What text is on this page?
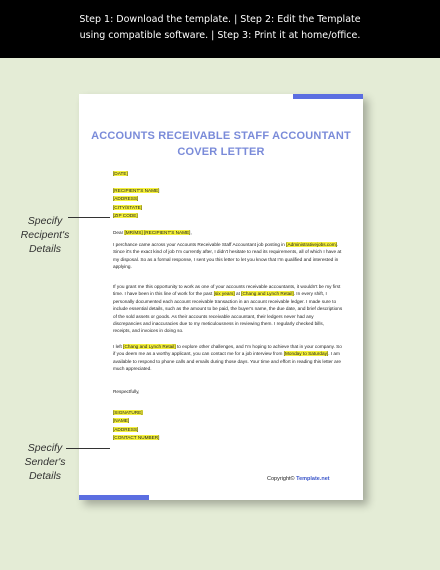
Step 1: Download the template. | Step 2: Edit the Template
using compatible software. | Step 3: Print it at home/office.
ACCOUNTS RECEIVABLE STAFF ACCOUNTANT
COVER LETTER
[DATE]
[RECIPIENT'S NAME]
[ADDRESS]
[CITY/STATE]
[ZIP CODE]
Dear [MR/MS] [RECIPIENT'S NAME],
I perchance came across your Accounts Receivable Staff Accountant job posting in [Administrativejobs.com]. Since it's the exact kind of job I'm currently after, I didn't hesitate to read its requirements, all of which I have at my disposal. So as a formal response, I sent you this letter to let you know that I'm qualified and interested in applying.
If you grant me this opportunity to work as one of your accounts receivable accountants, it wouldn't be my first time. I have been in this line of work for the past [six years] at [Chang and Lynch Retail]. In every shift, I personally documented each account receivable transaction in an account receivable ledger. I made sure to include essential details, such as the amount to be paid, the buyer's name, the due date, and brief descriptions of the sold assets or goods. As their accounts receivable accountant, their ledgers never had any discrepancies and inaccuracies due to my meticulousness in reviewing them. I regularly checked bills, receipts, and invoices in doing so.
I left [Chang and Lynch Retail] to explore other challenges, and I'm hoping to achieve that in your company. So if you deem me as a worthy applicant, you can contact me for a job interview from [Monday to Saturday]. I am available to respond to phone calls and emails during those days. Your time and effort in reading this letter are much appreciated.
Respectfully,
[SIGNATURE]
[NAME]
[ADDRESS]
[CONTACT NUMBER]
Copyright© Template.net
Specify
Recipent's
Details
Specify
Sender's
Details
